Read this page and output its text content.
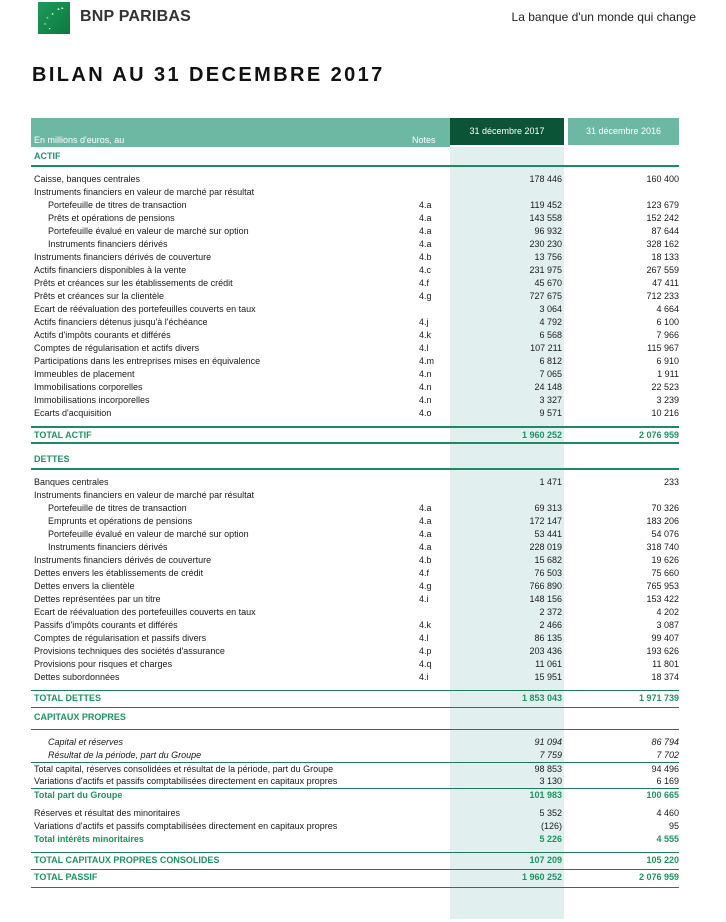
BNP PARIBAS	La banque d'un monde qui change
BILAN AU 31 DECEMBRE 2017
En millions d'euros, au	Notes
31 décembre 2017	31 décembre 2016
ACTIF
Caisse, banques centrales	178 446	160 400
Instruments financiers en valeur de marché par résultat
Portefeuille de titres de transaction	4.a	119 452	123 679
Prêts et opérations de pensions	4.a	143 558	152 242
Portefeuille évalué en valeur de marché sur option	4.a	96 932	87 644
Instruments financiers dérivés	4.a	230 230	328 162
Instruments financiers dérivés de couverture	4.b	13 756	18 133
Actifs financiers disponibles à la vente	4.c	231 975	267 559
Prêts et créances sur les établissements de crédit	4.f	45 670	47 411
Prêts et créances sur la clientèle	4.g	727 675	712 233
Ecart de réévaluation des portefeuilles couverts en taux	3 064	4 664
Actifs financiers détenus jusqu'à l'échéance	4.j	4 792	6 100
Actifs d'impôts courants et différés	4.k	6 568	7 966
Comptes de régularisation et actifs divers	4.l	107 211	115 967
Participations dans les entreprises mises en équivalence	4.m	6 812	6 910
Immeubles de placement	4.n	7 065	1 911
Immobilisations corporelles	4.n	24 148	22 523
Immobilisations incorporelles	4.n	3 327	3 239
Ecarts d'acquisition	4.o	9 571	10 216
TOTAL ACTIF	1 960 252	2 076 959
DETTES
Banques centrales	1 471	233
Instruments financiers en valeur de marché par résultat
Portefeuille de titres de transaction	4.a	69 313	70 326
Emprunts et opérations de pensions	4.a	172 147	183 206
Portefeuille évalué en valeur de marché sur option	4.a	53 441	54 076
Instruments financiers dérivés	4.a	228 019	318 740
Instruments financiers dérivés de couverture	4.b	15 682	19 626
Dettes envers les établissements de crédit	4.f	76 503	75 660
Dettes envers la clientèle	4.g	766 890	765 953
Dettes représentées par un titre	4.i	148 156	153 422
Ecart de réévaluation des portefeuilles couverts en taux	2 372	4 202
Passifs d'impôts courants et différés	4.k	2 466	3 087
Comptes de régularisation et passifs divers	4.l	86 135	99 407
Provisions techniques des sociétés d'assurance	4.p	203 436	193 626
Provisions pour risques et charges	4.q	11 061	11 801
Dettes subordonnées	4.i	15 951	18 374
TOTAL DETTES	1 853 043	1 971 739
CAPITAUX PROPRES
Capital et réserves	91 094	86 794
Résultat de la période, part du Groupe	7 759	7 702
Total capital, réserves consolidées et résultat de la période, part du Groupe	98 853	94 496
Variations d'actifs et passifs comptabilisées directement en capitaux propres	3 130	6 169
Total part du Groupe	101 983	100 665
Réserves et résultat des minoritaires	5 352	4 460
Variations d'actifs et passifs comptabilisées directement en capitaux propres	(126)	95
Total intérêts minoritaires	5 226	4 555
TOTAL CAPITAUX PROPRES CONSOLIDES	107 209	105 220
TOTAL PASSIF	1 960 252	2 076 959
